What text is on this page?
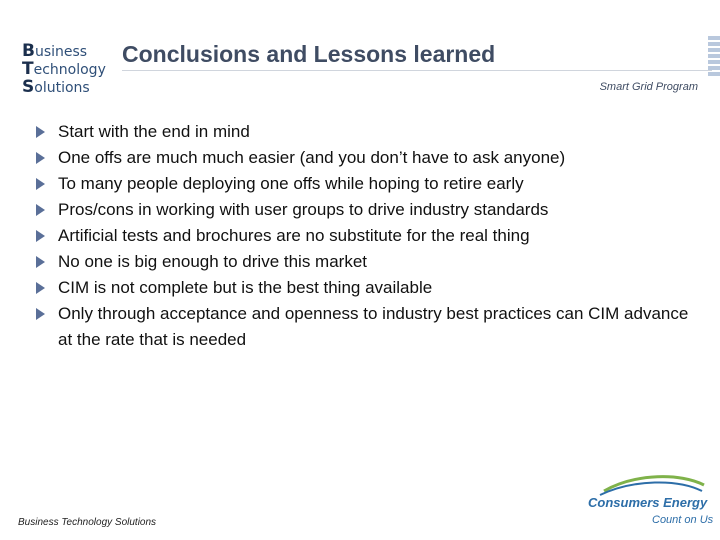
Business
Technology
Solutions
Conclusions and Lessons learned
Smart Grid Program
Start with the end in mind
One offs are much much easier (and you don’t have to ask anyone)
To many people deploying one offs while hoping to retire early
Pros/cons in working with user groups to drive industry standards
Artificial tests and brochures are no substitute for the real thing
No one is big enough to drive this market
CIM is not complete but is the best thing available
Only through acceptance and openness to industry best practices can CIM advance at the rate that is needed
Business Technology Solutions
Consumers Energy
Count on Us
